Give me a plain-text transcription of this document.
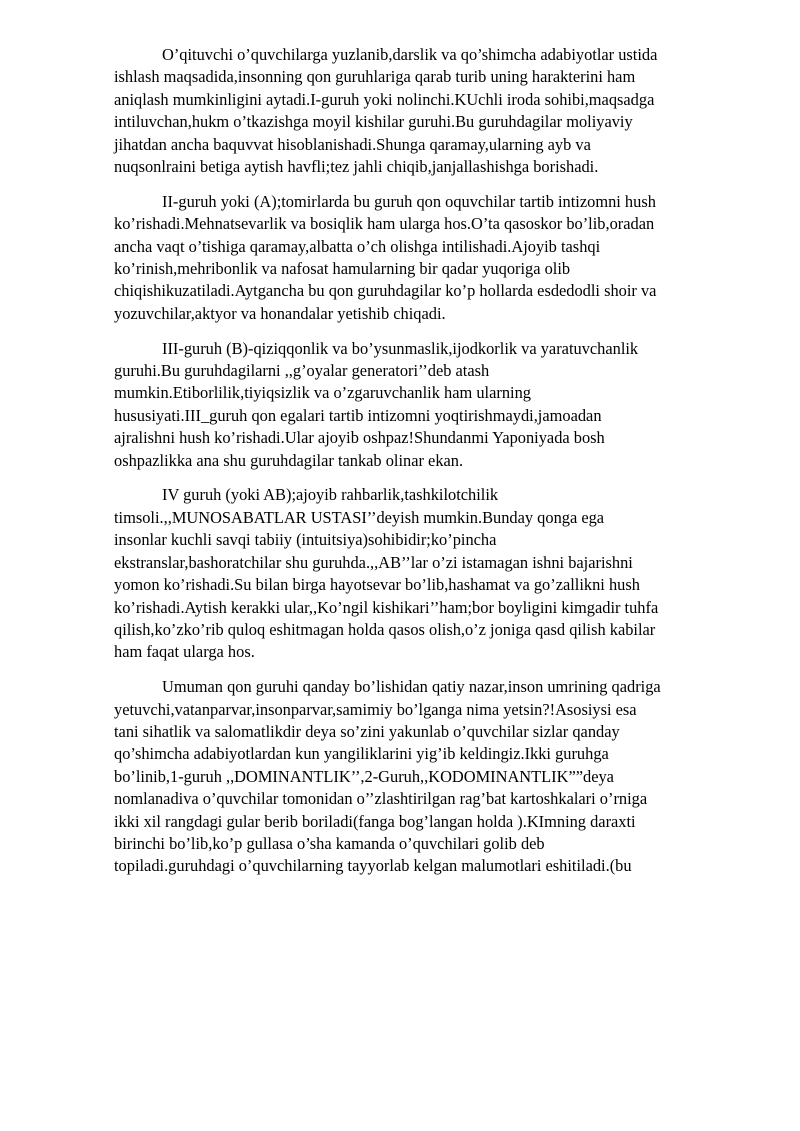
O’qituvchi o’quvchilarga yuzlanib,darslik va qo’shimcha adabiyotlar ustida
ishlash maqsadida,insonning qon guruhlariga qarab turib uning harakterini ham
aniqlash mumkinligini aytadi.I-guruh yoki nolinchi.KUchli iroda sohibi,maqsadga
intiluvchan,hukm o’tkazishga moyil kishilar guruhi.Bu guruhdagilar moliyaviy
jihatdan ancha baquvvat hisoblanishadi.Shunga qaramay,ularning ayb va
nuqsonlraini betiga aytish havfli;tez jahli chiqib,janjallashishga borishadi.

II-guruh yoki (A);tomirlarda bu guruh qon oquvchilar tartib intizomni hush
ko’rishadi.Mehnatsevarlik va bosiqlik ham ularga hos.O’ta qasoskor bo’lib,oradan
ancha vaqt o’tishiga qaramay,albatta o’ch olishga intilishadi.Ajoyib tashqi
ko’rinish,mehribonlik va nafosat hamularning bir qadar yuqoriga olib
chiqishikuzatiladi.Aytgancha bu qon guruhdagilar ko’p hollarda esdedodli shoir va
yozuvchilar,aktyor va honandalar yetishib chiqadi.

III-guruh (B)-qiziqqonlik va bo’ysunmaslik,ijodkorlik va yaratuvchanlik
guruhi.Bu guruhdagilarni ,,g’oyalar generatori’’deb atash
mumkin.Etiborlilik,tiyiqsizlik va o’zgaruvchanlik ham ularning
hususiyati.III_guruh qon egalari tartib intizomni yoqtirishmaydi,jamoadan
ajralishni hush ko’rishadi.Ular ajoyib oshpaz!Shundanmi Yaponiyada bosh
oshpazlikka ana shu guruhdagilar tankab olinar ekan.

IV guruh (yoki AB);ajoyib rahbarlik,tashkilotchilik
timsoli.,,MUNOSABATLAR USTASI’’deyish mumkin.Bunday qonga ega
insonlar kuchli savqi tabiiy (intuitsiya)sohibidir;ko’pincha
ekstranslar,bashoratchilar shu guruhda.,,AB’’lar o’zi istamagan ishni bajarishni
yomon ko’rishadi.Su bilan birga hayotsevar bo’lib,hashamat va go’zallikni hush
ko’rishadi.Aytish kerakki ular,,Ko’ngil kishikari’’ham;bor boyligini kimgadir tuhfa
qilish,ko’zko’rib quloq eshitmagan holda qasos olish,o’z joniga qasd qilish kabilar
ham faqat ularga hos.

Umuman qon guruhi qanday bo’lishidan qatiy nazar,inson umrining qadriga
yetuvchi,vatanparvar,insonparvar,samimiy bo’lganga nima yetsin?!Asosiysi esa
tani sihatlik va salomatlikdir deya so’zini yakunlab o’quvchilar sizlar qanday
qo’shimcha adabiyotlardan kun yangiliklarini yig’ib keldingiz.Ikki guruhga
bo’linib,1-guruh ,,DOMINANTLIK’’,2-Guruh,,KODOMINANTLIK””deya
nomlanadiva o’quvchilar tomonidan o’’zlashtirilgan rag’bat kartoshkalari o’rniga
ikki xil rangdagi gular berib boriladi(fanga bog’langan holda ).KImning daraxti
birinchi bo’lib,ko’p gullasa o’sha kamanda o’quvchilari golib deb
topiladi.guruhdagi o’quvchilarning tayyorlab kelgan malumotlari eshitiladi.(bu
